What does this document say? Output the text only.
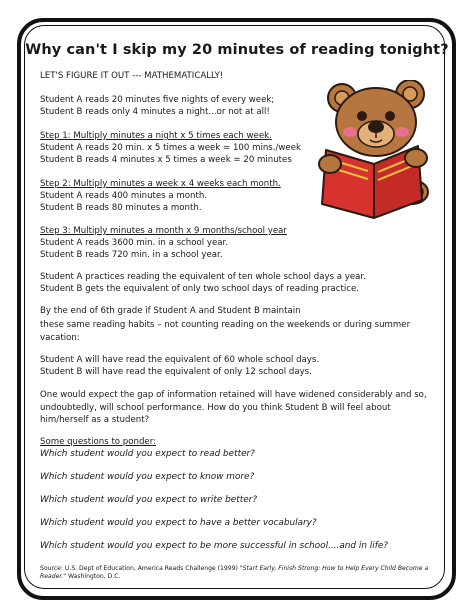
Why can't I skip my 20 minutes of reading tonight?
LET'S FIGURE IT OUT --- MATHEMATICALLY!
Student A reads 20 minutes five nights of every week;
Student B reads only 4 minutes a night...or not at all!
Step 1: Multiply minutes a night x 5 times each week.
Student A reads 20 min. x 5 times a week = 100 mins./week
Student B reads 4 minutes x 5 times a week = 20 minutes
Step 2: Multiply minutes a week x 4 weeks each month.
Student A reads 400 minutes a month.
Student B reads 80 minutes a month.
Step 3: Multiply minutes a month x 9 months/school year
Student A reads 3600 min. in a school year.
Student B reads 720 min. in a school year.
Student A practices reading the equivalent of ten whole school days a year.
Student B gets the equivalent of only two school days of reading practice.
By the end of 6th grade if Student A and Student B maintain
these same reading habits – not counting reading on the weekends or during summer
vacation:
Student A will have read the equivalent of 60 whole school days.
Student B will have read the equivalent of only 12 school days.
One would expect the gap of information retained will have widened considerably and so,
undoubtedly, will school performance. How do you think Student B will feel about
him/herself as a student?
Some questions to ponder:
Which student would you expect to read better?
Which student would you expect to know more?
Which student would you expect to write better?
Which student would you expect to have a better vocabulary?
Which student would you expect to be more successful in school....and in life?
Source: U.S. Dept of Education, America Reads Challenge (1999) "Start Early, Finish Strong: How to Help Every Child Become a
Reader." Washington, D.C.
